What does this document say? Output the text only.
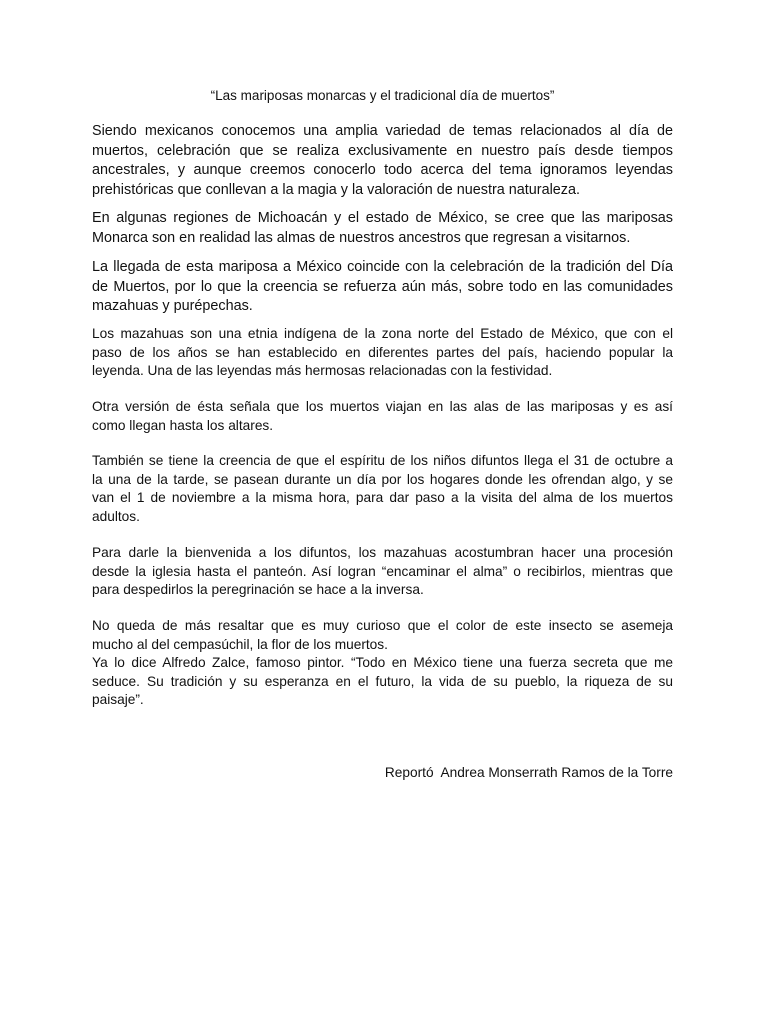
“Las mariposas monarcas y el tradicional día de muertos”

Siendo mexicanos conocemos una amplia variedad de temas relacionados al día de
muertos, celebración que se realiza exclusivamente en nuestro país desde tiempos
ancestrales, y aunque creemos conocerlo todo acerca del tema ignoramos leyendas
prehistóricas que conllevan a la magia y la valoración de nuestra naturaleza.

En algunas regiones de Michoacán y el estado de México, se cree que las mariposas
Monarca son en realidad las almas de nuestros ancestros que regresan a visitarnos.

La llegada de esta mariposa a México coincide con la celebración de la tradición del Día
de Muertos, por lo que la creencia se refuerza aún más, sobre todo en las comunidades
mazahuas y purépechas.

Los mazahuas son una etnia indígena de la zona norte del Estado de México, que con el
paso de los años se han establecido en diferentes partes del país, haciendo popular la
leyenda. Una de las leyendas más hermosas relacionadas con la festividad.

Otra versión de ésta señala que los muertos viajan en las alas de las mariposas y es así
como llegan hasta los altares.

También se tiene la creencia de que el espíritu de los niños difuntos llega el 31 de octubre a
la una de la tarde, se pasean durante un día por los hogares donde les ofrendan algo, y se
van el 1 de noviembre a la misma hora, para dar paso a la visita del alma de los muertos
adultos.

Para darle la bienvenida a los difuntos, los mazahuas acostumbran hacer una procesión
desde la iglesia hasta el panteón. Así logran “encaminar el alma” o recibirlos, mientras que
para despedirlos la peregrinación se hace a la inversa.

No queda de más resaltar que es muy curioso que el color de este insecto se asemeja
mucho al del cempasúchil, la flor de los muertos.

Ya lo dice Alfredo Zalce, famoso pintor. “Todo en México tiene una fuerza secreta que me
seduce. Su tradición y su esperanza en el futuro, la vida de su pueblo, la riqueza de su
paisaje”.

Reportó  Andrea Monserrath Ramos de la Torre
